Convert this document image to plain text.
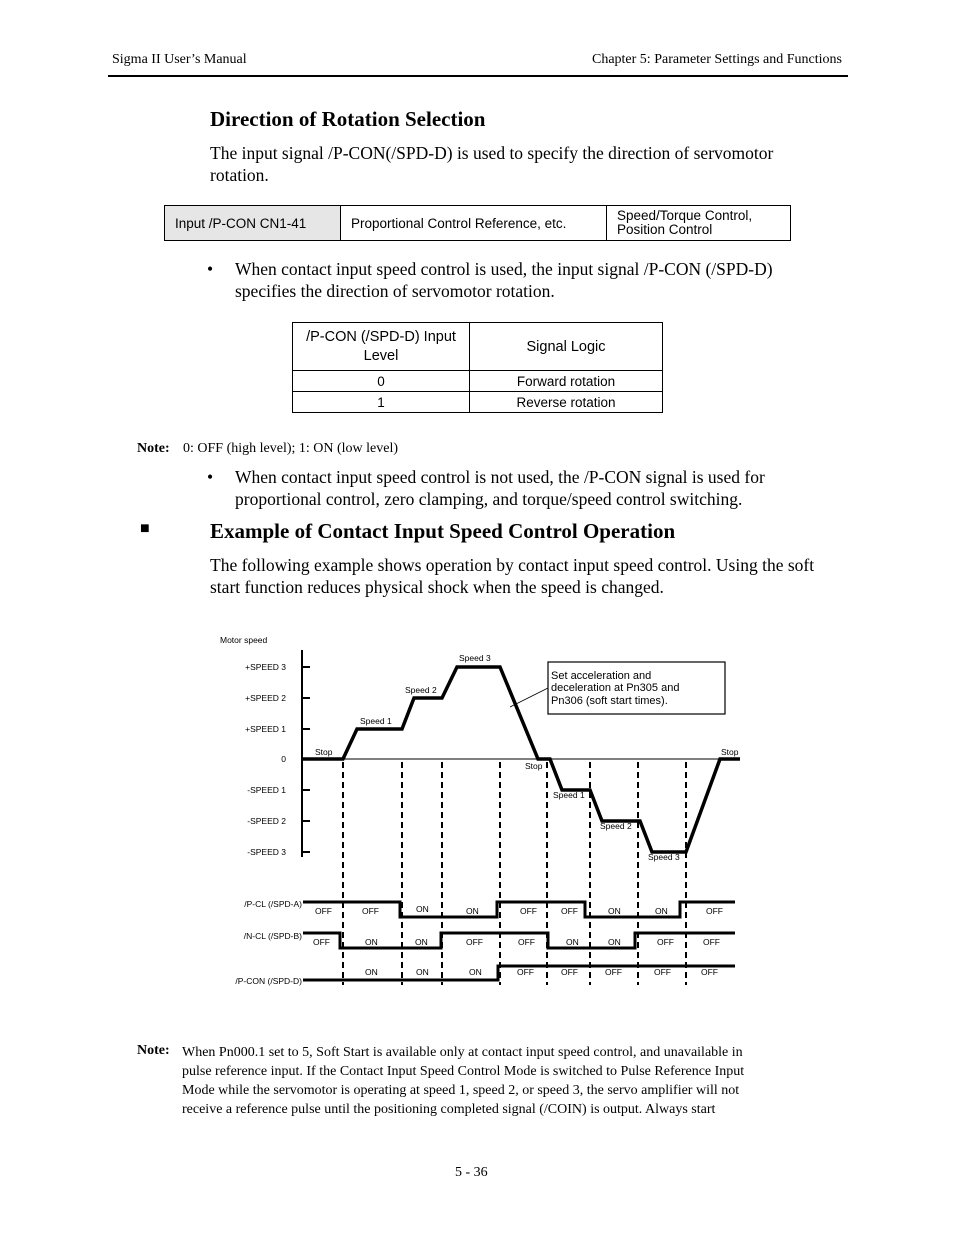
Sigma II User’s Manual	Chapter 5: Parameter Settings and Functions
Direction of Rotation Selection
The input signal /P-CON(/SPD-D) is used to specify the direction of servomotor rotation.
Input /P-CON CN1-41	Proportional Control Reference, etc.	Speed/Torque Control, Position Control
• When contact input speed control is used, the input signal /P-CON (/SPD-D) specifies the direction of servomotor rotation.
/P-CON (/SPD-D) Input Level	Signal Logic
0	Forward rotation
1	Reverse rotation
Note: 0: OFF (high level); 1: ON (low level)
• When contact input speed control is not used, the /P-CON signal is used for proportional control, zero clamping, and torque/speed control switching.
■	Example of Contact Input Speed Control Operation
The following example shows operation by contact input speed control. Using the soft start function reduces physical shock when the speed is changed.
Motor speed
+SPEED 3
+SPEED 2
+SPEED 1
0
-SPEED 1
-SPEED 2
-SPEED 3
Stop
Speed 1
Speed 2
Speed 3
Stop
Speed 1
Speed 2
Speed 3
Stop
Set acceleration and
deceleration at Pn305 and
Pn306 (soft start times).
/P-CL (/SPD-A)
OFF	OFF	ON	ON	OFF	OFF	ON	ON	OFF
/N-CL (/SPD-B)
OFF	ON	ON	OFF	OFF	ON	ON	OFF	OFF
/P-CON (/SPD-D)
ON	ON	ON	OFF	OFF	OFF	OFF	OFF
Note: When Pn000.1 set to 5, Soft Start is available only at contact input speed control, and unavailable in
pulse reference input. If the Contact Input Speed Control Mode is switched to Pulse Reference Input
Mode while the servomotor is operating at speed 1, speed 2, or speed 3, the servo amplifier will not
receive a reference pulse until the positioning completed signal (/COIN) is output. Always start
5 - 36
